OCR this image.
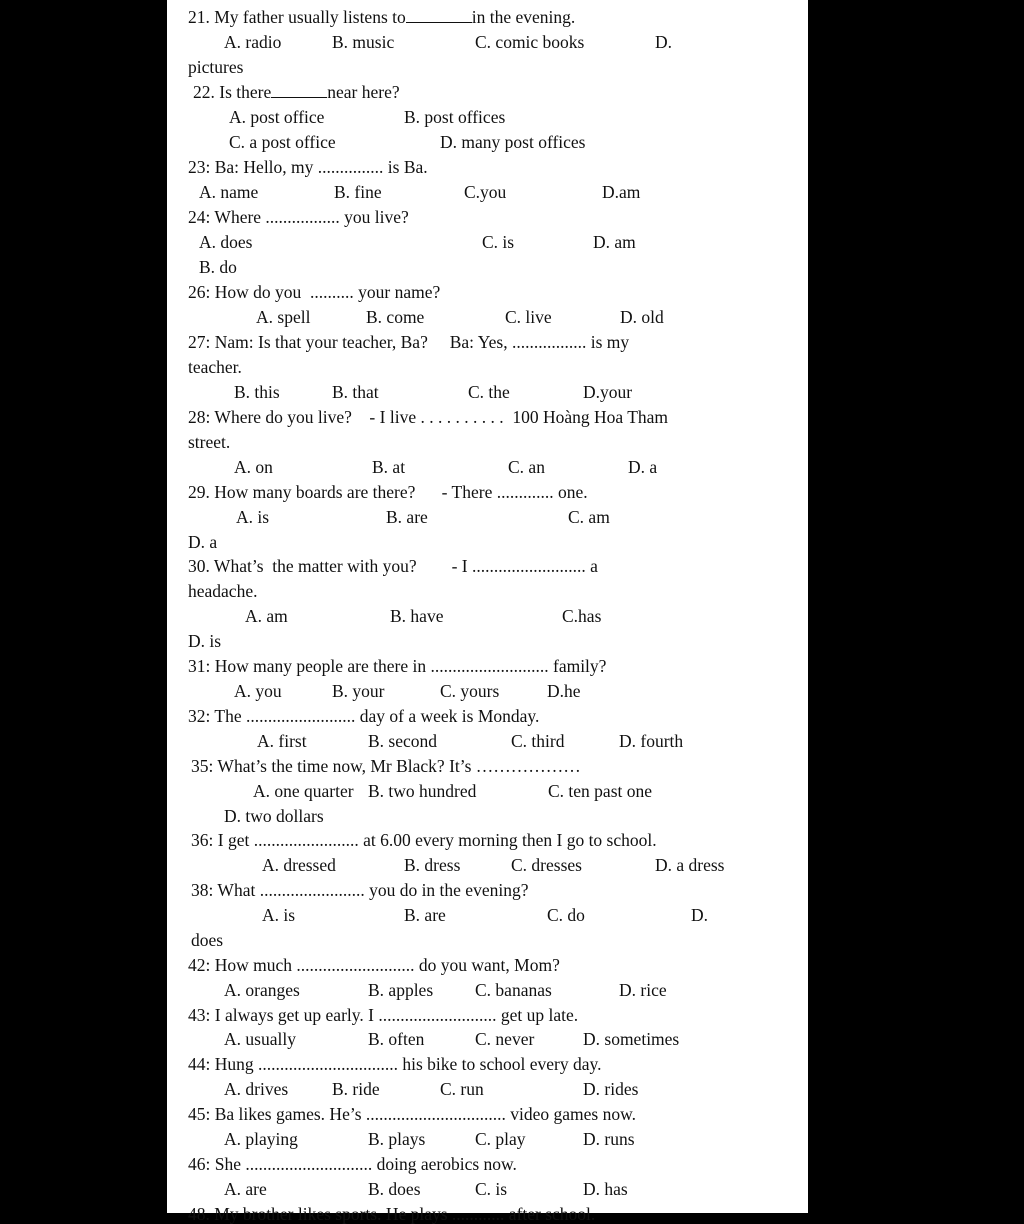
21. My father usually listens to	in the evening.
A. radio	B. music	C. comic books	D.
pictures
22. Is there	near here?
A. post office	B. post offices
C. a post office	D. many post offices
23: Ba: Hello, my ............... is Ba.
A. name	B. fine	C.you	D.am
24: Where ................. you live?
A. does	C. is	D. am
B. do
26: How do you  .......... your name?
A. spell	B. come	C. live	D. old
27: Nam: Is that your teacher, Ba?     Ba: Yes, ................. is my
teacher.
B. this	B. that	C. the	D.your
28: Where do you live?    - I live . . . . . . . . . .  100 Hoàng Hoa Tham
street.
A. on	B. at	C. an	D. a
29. How many boards are there?      - There ............. one.
A. is	B. are	C. am
D. a
30. What’s  the matter with you?        - I .......................... a
headache.
A. am	B. have	C.has
D. is
31: How many people are there in ........................... family?
A. you	B. your	C. yours	D.he
32: The ......................... day of a week is Monday.
A. first	B. second	C. third	D. fourth
35: What’s the time now, Mr Black? It’s ………………
A. one quarter B. two hundred	C. ten past one
D. two dollars
36: I get ........................ at 6.00 every morning then I go to school.
A. dressed	B. dress	C. dresses	D. a dress
38: What ........................ you do in the evening?
A. is	B. are	C. do	D.
does
42: How much ........................... do you want, Mom?
A. oranges	B. apples C. bananas	D. rice
43: I always get up early. I ........................... get up late.
A. usually	B. often	C. never	D. sometimes
44: Hung ................................ his bike to school every day.
A. drives	B. ride	C. run	D. rides
45: Ba likes games. He’s ................................ video games now.
A. playing	B. plays	C. play	D. runs
46: She ............................. doing aerobics now.
A. are	B. does	C. is	D. has
48. My brother likes sports. He plays ............ after school.
